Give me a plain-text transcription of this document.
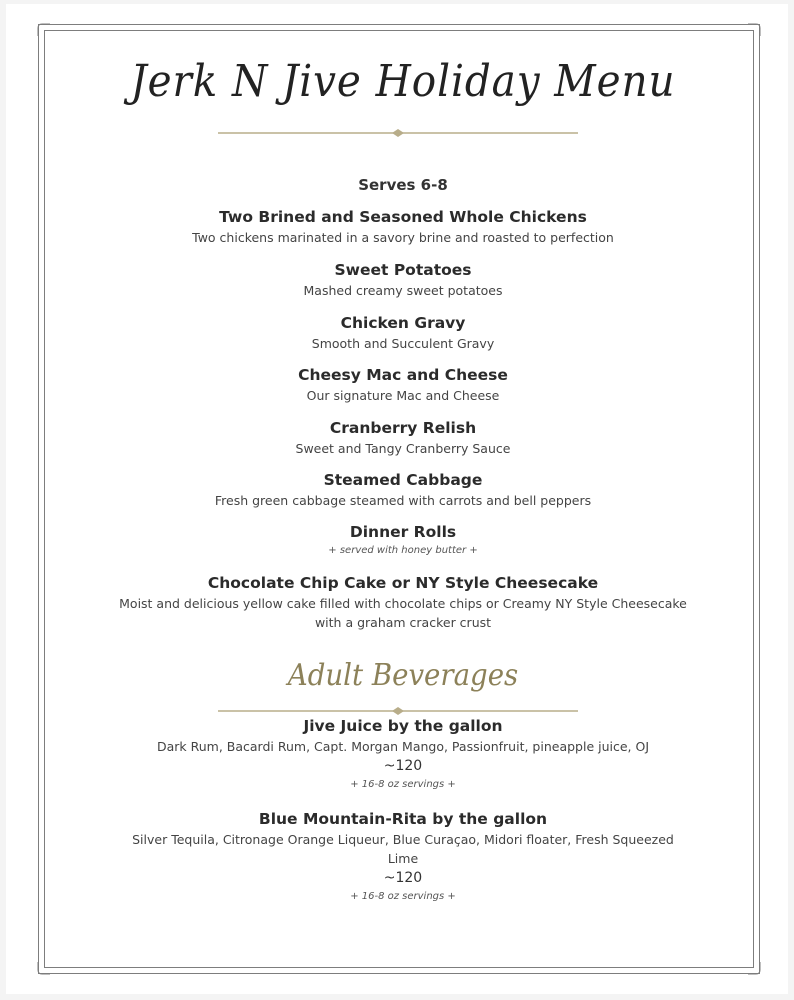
Jerk N Jive Holiday Menu
Serves 6-8
Two Brined and Seasoned Whole Chickens
Two chickens marinated in a savory brine and roasted to perfection
Sweet Potatoes
Mashed creamy sweet potatoes
Chicken Gravy
Smooth and Succulent Gravy
Cheesy Mac and Cheese
Our signature Mac and Cheese
Cranberry Relish
Sweet and Tangy Cranberry Sauce
Steamed Cabbage
Fresh green cabbage steamed with carrots and bell peppers
Dinner Rolls
+ served with honey butter +
Chocolate Chip Cake or NY Style Cheesecake
Moist and delicious yellow cake filled with chocolate chips or Creamy NY Style Cheesecake
with a graham cracker crust
Adult Beverages
Jive Juice by the gallon
Dark Rum, Bacardi Rum, Capt. Morgan Mango, Passionfruit, pineapple juice, OJ
~120
+ 16-8 oz servings +
Blue Mountain-Rita by the gallon
Silver Tequila, Citronage Orange Liqueur, Blue Curaçao, Midori floater, Fresh Squeezed
Lime
~120
+ 16-8 oz servings +
